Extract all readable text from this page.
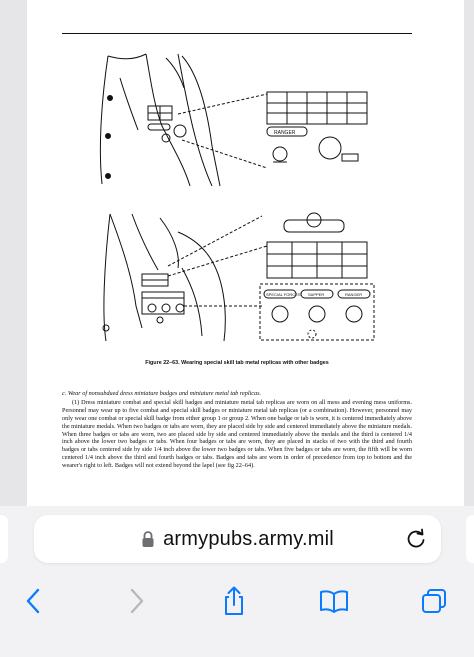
RANGER
SPECIAL FORCES SAPPER	RANGER
Figure 22–63. Wearing special skill tab metal replicas with other badges

c. Wear of nonsubdued dress miniature badges and miniature metal tab replicas.

(1) Dress miniature combat and special skill badges and miniature metal tab replicas are worn on all mess and evening mess uniforms. Personnel may wear up to five combat and special skill badges or miniature metal tab replicas (or a combination). However, personnel may only wear one combat or special skill badge from either group 1 or group 2. When one badge or tab is worn, it is centered immediately above the miniature medals. When two badges or tabs are worn, they are placed side by side and centered immediately above the miniature medals. When three badges or tabs are worn, two are placed side by side and centered immediately above the medals and the third is centered 1/4 inch above the lower two badges or tabs. When four badges or tabs are worn, they are placed in stacks of two with the third and fourth badges or tabs centered side by side 1/4 inch above the lower two badges or tabs. When five badges or tabs are worn, the fifth will be worn centered 1/4 inch above the third and fourth badges or tabs. Badges and tabs are worn in order of precedence from top to bottom and the wearer's right to left. Badges will not extend beyond the lapel (see fig 22–64).

armypubs.army.mil
